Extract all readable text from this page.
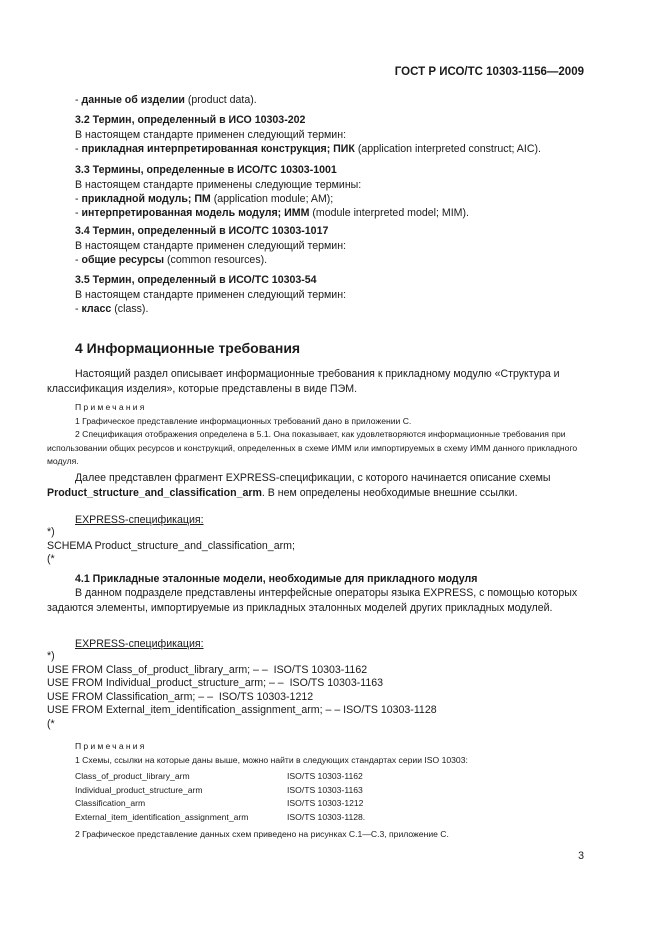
ГОСТ Р ИСО/ТС 10303-1156—2009
- данные об изделии (product data).
3.2 Термин, определенный в ИСО 10303-202
В настоящем стандарте применен следующий термин:
- прикладная интерпретированная конструкция; ПИК (application interpreted construct; AIC).
3.3 Термины, определенные в ИСО/ТС 10303-1001
В настоящем стандарте применены следующие термины:
- прикладной модуль; ПМ (application module; AM);
- интерпретированная модель модуля; ИММ (module interpreted model; MIM).
3.4 Термин, определенный в ИСО/ТС 10303-1017
В настоящем стандарте применен следующий термин:
- общие ресурсы (common resources).
3.5 Термин, определенный в ИСО/ТС 10303-54
В настоящем стандарте применен следующий термин:
- класс (class).
4 Информационные требования
Настоящий раздел описывает информационные требования к прикладному модулю «Структура и классификация изделия», которые представлены в виде ПЭМ.
Примечания
1 Графическое представление информационных требований дано в приложении С.
2 Спецификация отображения определена в 5.1. Она показывает, как удовлетворяются информационные требования при использовании общих ресурсов и конструкций, определенных в схеме ИММ или импортируемых в схему ИММ данного прикладного модуля.
Далее представлен фрагмент EXPRESS-спецификации, с которого начинается описание схемы Product_structure_and_classification_arm. В нем определены необходимые внешние ссылки.
EXPRESS-спецификация:
*)
SCHEMA Product_structure_and_classification_arm;
(*
4.1 Прикладные эталонные модели, необходимые для прикладного модуля
В данном подразделе представлены интерфейсные операторы языка EXPRESS, с помощью которых задаются элементы, импортируемые из прикладных эталонных моделей других прикладных модулей.
EXPRESS-спецификация:
*)
USE FROM Class_of_product_library_arm; – –  ISO/TS 10303-1162
USE FROM Individual_product_structure_arm; – –  ISO/TS 10303-1163
USE FROM Classification_arm; – –  ISO/TS 10303-1212
USE FROM External_item_identification_assignment_arm; – – ISO/TS 10303-1128
(*
Примечания
1 Схемы, ссылки на которые даны выше, можно найти в следующих стандартах серии ISO 10303:
Class_of_product_library_arm	ISO/TS 10303-1162
Individual_product_structure_arm	ISO/TS 10303-1163
Classification_arm	ISO/TS 10303-1212
External_item_identification_assignment_arm	ISO/TS 10303-1128.
2 Графическое представление данных схем приведено на рисунках С.1—С.3, приложение С.
3
